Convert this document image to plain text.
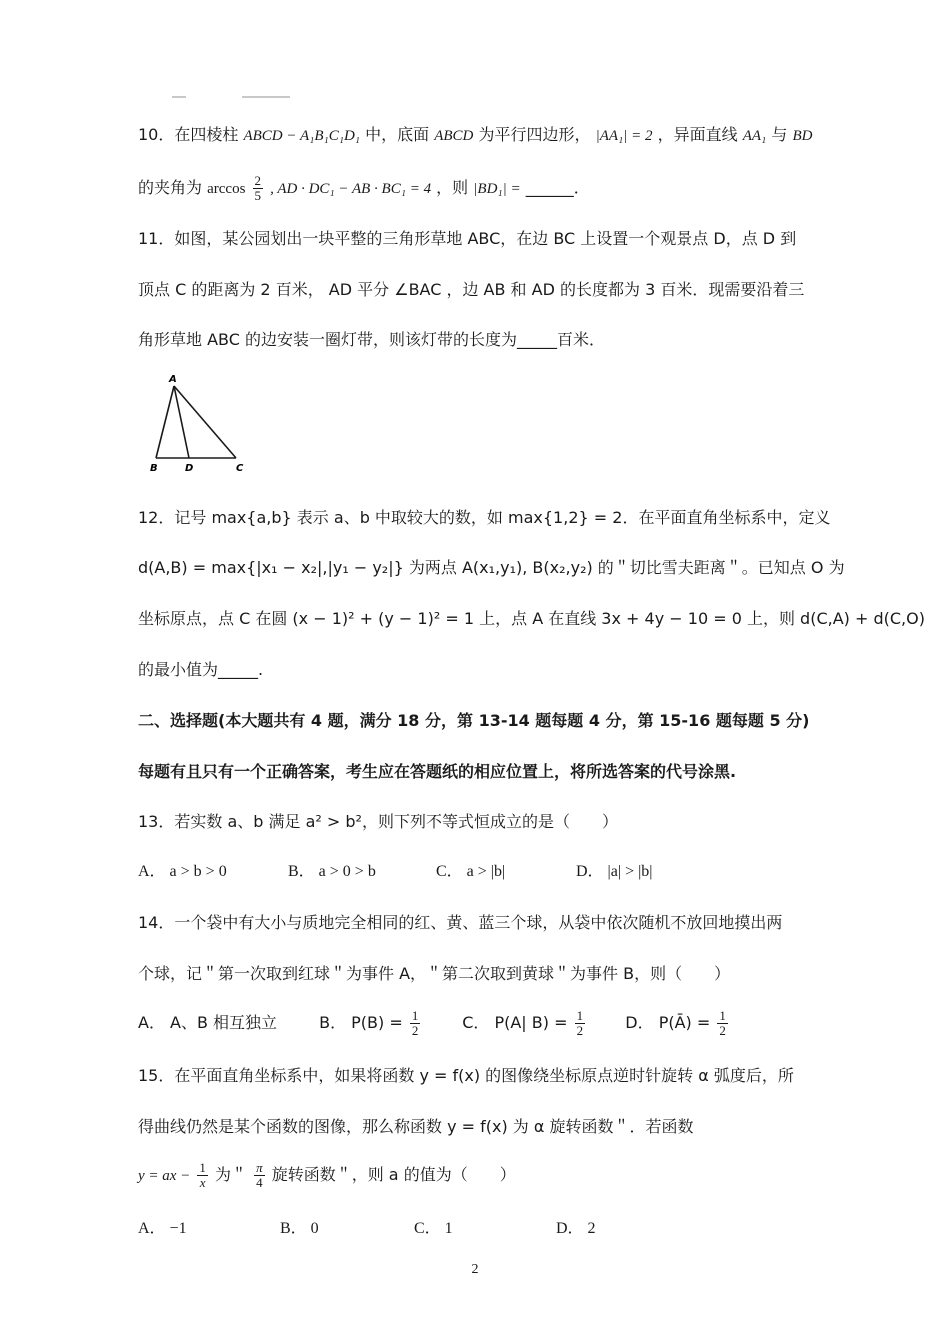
10．在四棱柱 ABCD − A₁B₁C₁D₁ 中，底面 ABCD 为平行四边形， |AA₁| = 2 ，异面直线 AA₁ 与 BD
的夹角为 $\arccos \frac{2}{5}$ , AD · DC₁ − AB · BC₁ = 4 ，则 |BD₁| = ______．
11．如图，某公园划出一块平整的三角形草地 ABC，在边 BC 上设置一个观景点 D，点 D 到
顶点 C 的距离为 2 百米， AD 平分 ∠BAC ，边 AB 和 AD 的长度都为 3 百米．现需要沿着三
角形草地 ABC 的边安装一圈灯带，则该灯带的长度为_____百米．
A
B	D	C
12．记号 max{a,b} 表示 a、b 中取较大的数，如 max{1,2} = 2．在平面直角坐标系中，定义
d(A,B) = max{|x₁ − x₂|,|y₁ − y₂|} 为两点 A(x₁,y₁), B(x₂,y₂) 的＂切比雪夫距离＂。已知点 O 为
坐标原点，点 C 在圆 (x − 1)² + (y − 1)² = 1 上，点 A 在直线 3x + 4y − 10 = 0 上，则 d(C,A) + d(C,O)
的最小值为_____.
二、选择题(本大题共有 4 题，满分 18 分，第 13-14 题每题 4 分，第 15-16 题每题 5 分)
每题有且只有一个正确答案，考生应在答题纸的相应位置上，将所选答案的代号涂黑.
13．若实数 a、b 满足 a² > b²，则下列不等式恒成立的是（　　）
A． a > b > 0	B． a > 0 > b	C． a > |b|	D． |a| > |b|
14．一个袋中有大小与质地完全相同的红、黄、蓝三个球，从袋中依次随机不放回地摸出两
个球，记＂第一次取到红球＂为事件 A，＂第二次取到黄球＂为事件 B，则（　　）
A． A、B 相互独立	B． $P(B) = \frac{1}{2}$	C． P(A| $B) = \frac{1}{2}$	D． P(Ā) = $\frac{1}{2}$
15．在平面直角坐标系中，如果将函数 y = f(x) 的图像绕坐标原点逆时针旋转 α 弧度后，所
得曲线仍然是某个函数的图像，那么称函数 y = f(x) 为 α 旋转函数＂．若函数
y = ax − $\frac{1}{x}$ 为＂ $\frac{\pi}{4}$ 旋转函数＂，则 a 的值为（　　）
A． −1	B． 0	C． 1	D． 2
2
